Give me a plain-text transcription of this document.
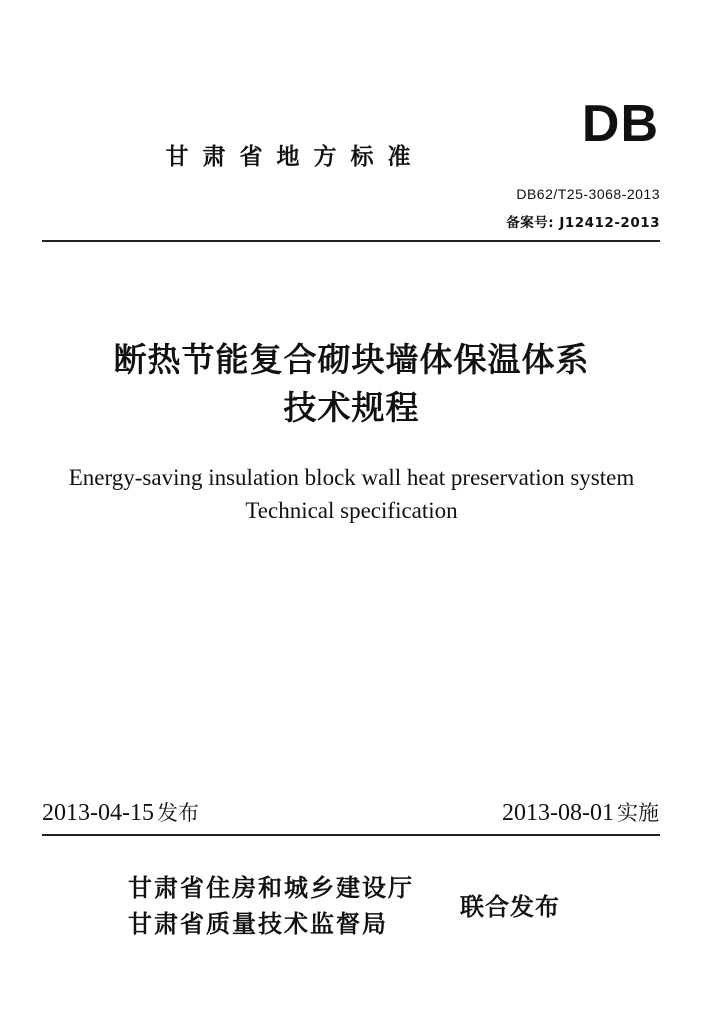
甘肃省地方标准
DB
DB62/T25-3068-2013
备案号: J12412-2013
断热节能复合砌块墙体保温体系
技术规程
Energy-saving insulation block wall heat preservation system
Technical specification
2013-04-15 发布	2013-08-01 实施
甘肃省住房和城乡建设厅
甘肃省质量技术监督局
联合发布
